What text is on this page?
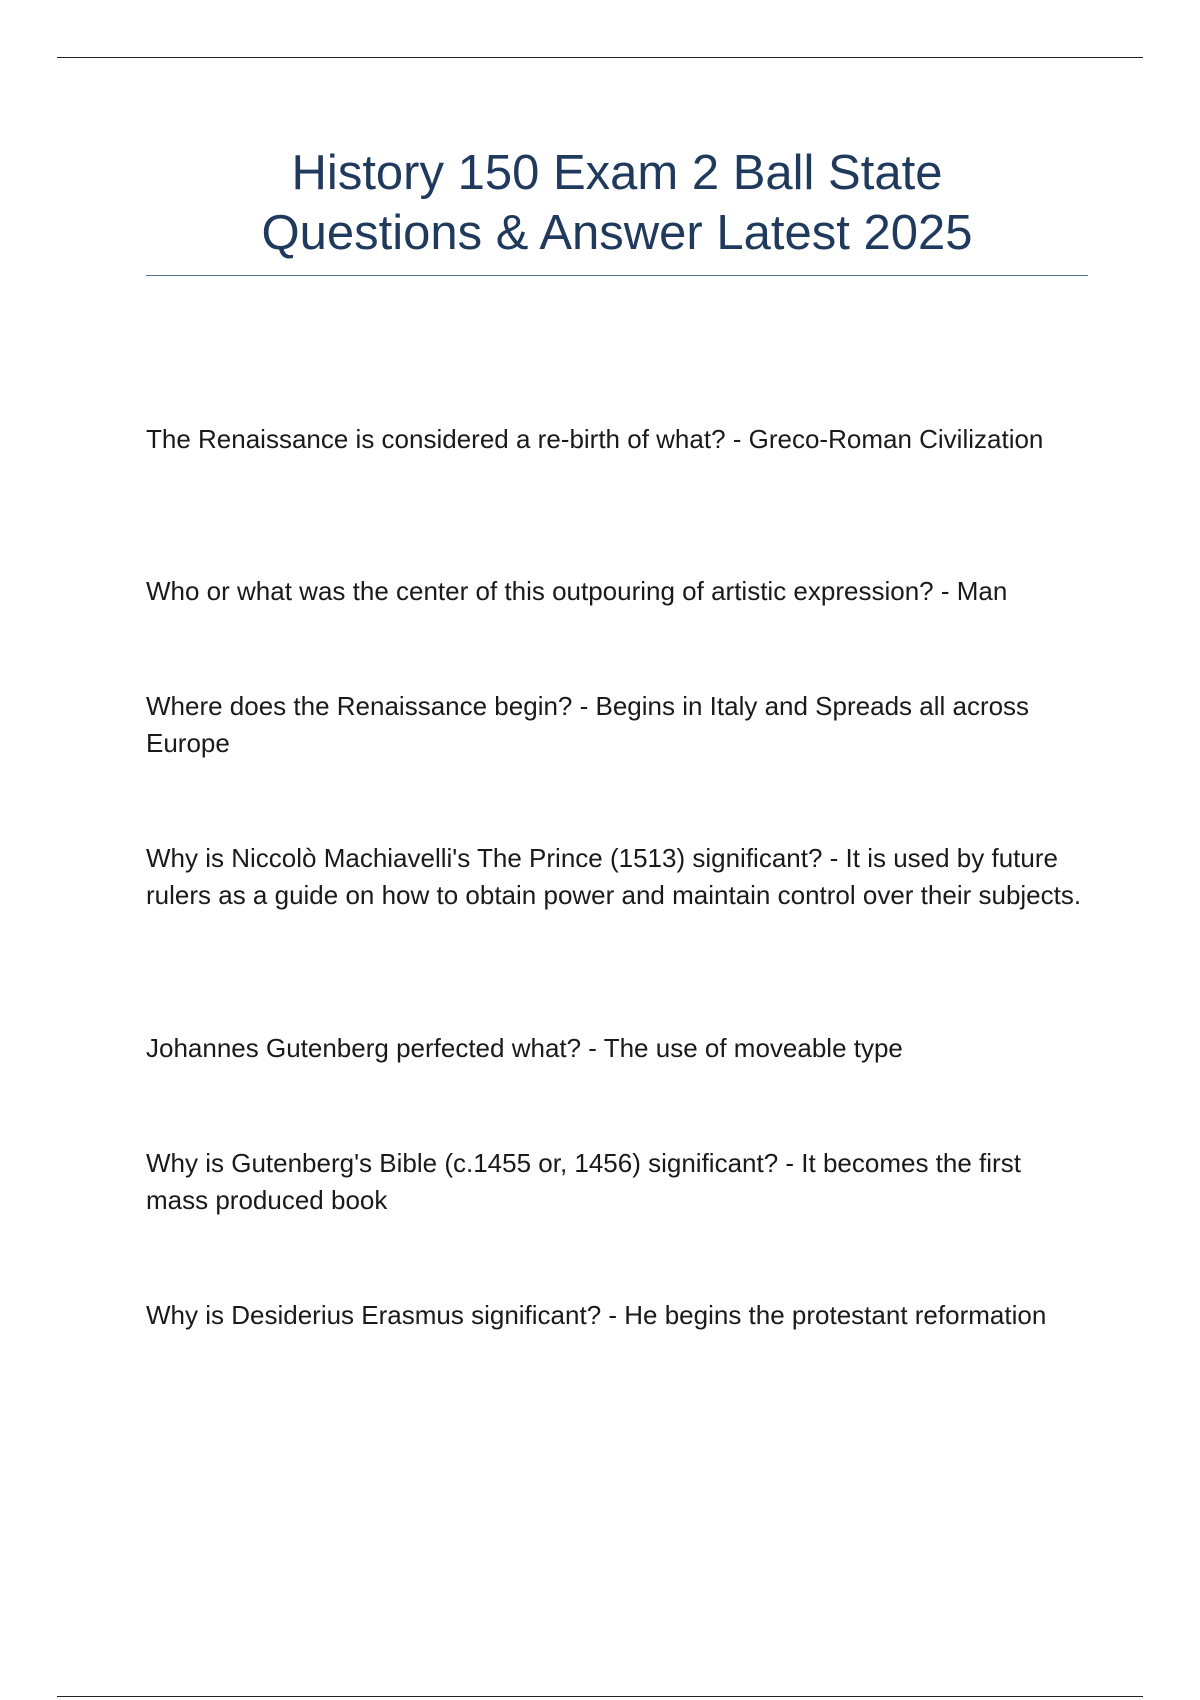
History 150 Exam 2 Ball State
Questions & Answer Latest 2025

The Renaissance is considered a re-birth of what? - Greco-Roman Civilization

Who or what was the center of this outpouring of artistic expression? - Man

Where does the Renaissance begin? - Begins in Italy and Spreads all across Europe

Why is Niccolò Machiavelli's The Prince (1513) significant? - It is used by future rulers as a guide on how to obtain power and maintain control over their subjects.

Johannes Gutenberg perfected what? - The use of moveable type

Why is Gutenberg's Bible (c.1455 or, 1456) significant? - It becomes the first mass produced book

Why is Desiderius Erasmus significant? - He begins the protestant reformation
